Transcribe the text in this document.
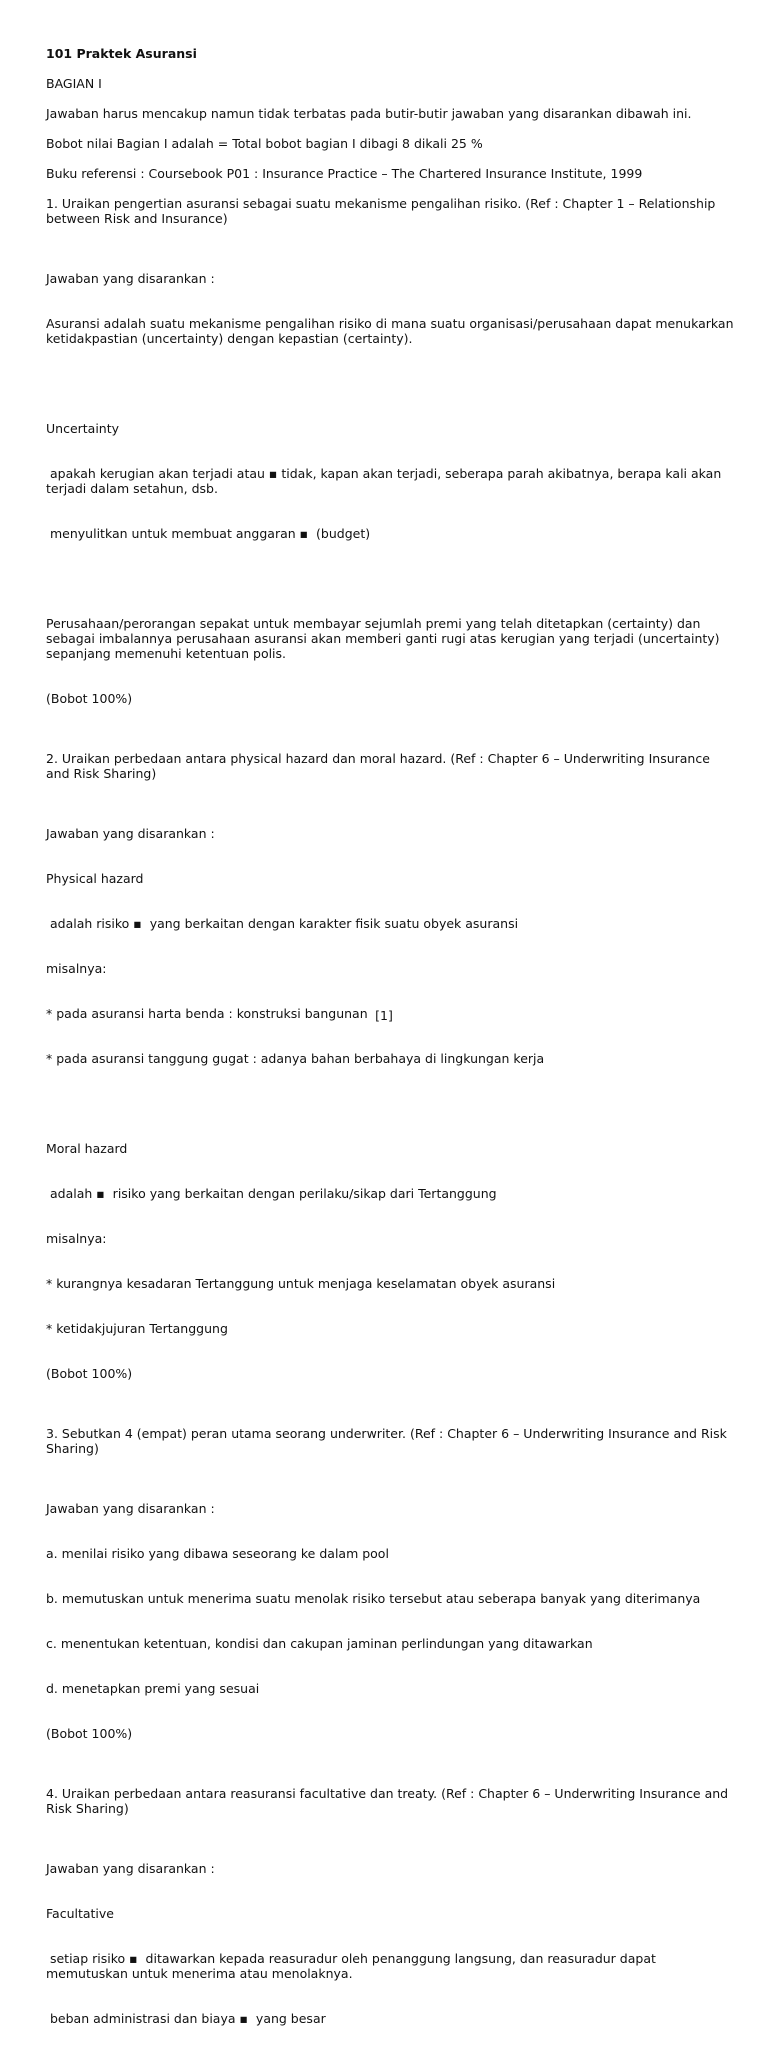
101 Praktek Asuransi

BAGIAN I

Jawaban harus mencakup namun tidak terbatas pada butir-butir jawaban yang disarankan dibawah ini.

Bobot nilai Bagian I adalah = Total bobot bagian I dibagi 8 dikali 25 %

Buku referensi : Coursebook P01 : Insurance Practice – The Chartered Insurance Institute, 1999

1. Uraikan pengertian asuransi sebagai suatu mekanisme pengalihan risiko. (Ref : Chapter 1 – Relationship between Risk and Insurance)

Jawaban yang disarankan :

Asuransi adalah suatu mekanisme pengalihan risiko di mana suatu organisasi/perusahaan dapat menukarkan ketidakpastian (uncertainty) dengan kepastian (certainty).

Uncertainty

apakah kerugian akan terjadi atau ▪ tidak, kapan akan terjadi, seberapa parah akibatnya, berapa kali akan terjadi dalam setahun, dsb.

menyulitkan untuk membuat anggaran ▪  (budget)

Perusahaan/perorangan sepakat untuk membayar sejumlah premi yang telah ditetapkan (certainty) dan sebagai imbalannya perusahaan asuransi akan memberi ganti rugi atas kerugian yang terjadi (uncertainty) sepanjang memenuhi ketentuan polis.

(Bobot 100%)

2. Uraikan perbedaan antara physical hazard dan moral hazard. (Ref : Chapter 6 – Underwriting Insurance and Risk Sharing)

Jawaban yang disarankan :

Physical hazard

adalah risiko ▪  yang berkaitan dengan karakter fisik suatu obyek asuransi

misalnya:

* pada asuransi harta benda : konstruksi bangunan

* pada asuransi tanggung gugat : adanya bahan berbahaya di lingkungan kerja

Moral hazard

adalah ▪  risiko yang berkaitan dengan perilaku/sikap dari Tertanggung

misalnya:

* kurangnya kesadaran Tertanggung untuk menjaga keselamatan obyek asuransi

* ketidakjujuran Tertanggung

(Bobot 100%)

3. Sebutkan 4 (empat) peran utama seorang underwriter. (Ref : Chapter 6 – Underwriting Insurance and Risk Sharing)

Jawaban yang disarankan :

a. menilai risiko yang dibawa seseorang ke dalam pool

b. memutuskan untuk menerima suatu menolak risiko tersebut atau seberapa banyak yang diterimanya

c. menentukan ketentuan, kondisi dan cakupan jaminan perlindungan yang ditawarkan

d. menetapkan premi yang sesuai

(Bobot 100%)

4. Uraikan perbedaan antara reasuransi facultative dan treaty. (Ref : Chapter 6 – Underwriting Insurance and Risk Sharing)

Jawaban yang disarankan :

Facultative

setiap risiko ▪  ditawarkan kepada reasuradur oleh penanggung langsung, dan reasuradur dapat memutuskan untuk menerima atau menolaknya.

beban administrasi dan biaya ▪  yang besar

[1]
